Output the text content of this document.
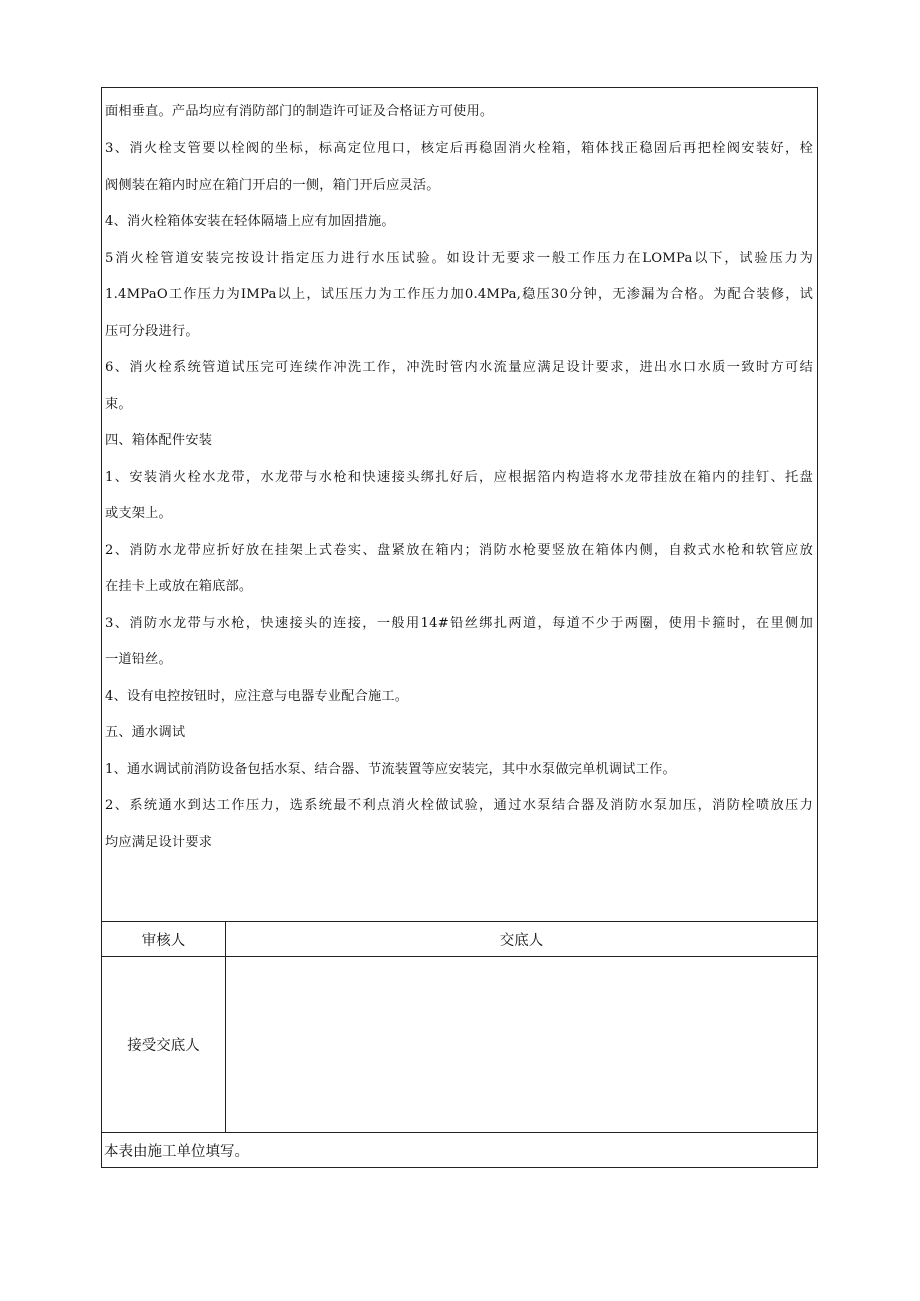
面相垂直。产品均应有消防部门的制造许可证及合格证方可使用。
3、消火栓支管要以栓阀的坐标，标高定位甩口，核定后再稳固消火栓箱，箱体找正稳固后再把栓阀安装好，栓
阀侧装在箱内时应在箱门开启的一侧，箱门开后应灵活。
4、消火栓箱体安装在轻体隔墙上应有加固措施。
5消火栓管道安装完按设计指定压力进行水压试验。如设计无要求一般工作压力在LOMPa以下，试验压力为
1.4MPaO工作压力为IMPa以上，试压压力为工作压力加0.4MPa,稳压30分钟，无渗漏为合格。为配合装修，试
压可分段进行。
6、消火栓系统管道试压完可连续作冲洗工作，冲洗时管内水流量应满足设计要求，进出水口水质一致时方可结
束。
四、箱体配件安装
1、安装消火栓水龙带，水龙带与水枪和快速接头绑扎好后，应根据箔内构造将水龙带挂放在箱内的挂钉、托盘
或支架上。
2、消防水龙带应折好放在挂架上式卷实、盘紧放在箱内；消防水枪要竖放在箱体内侧，自救式水枪和软管应放
在挂卡上或放在箱底部。
3、消防水龙带与水枪，快速接头的连接，一般用14#铅丝绑扎两道，每道不少于两圈，使用卡箍时，在里侧加
一道铅丝。
4、设有电控按钮时，应注意与电器专业配合施工。
五、通水调试
1、通水调试前消防设备包括水泵、结合器、节流装置等应安装完，其中水泵做完单机调试工作。
2、系统通水到达工作压力，选系统最不利点消火栓做试验，通过水泵结合器及消防水泵加压，消防栓喷放压力
均应满足设计要求
审核人	交底人
接受交底人
本表由施工单位填写。
